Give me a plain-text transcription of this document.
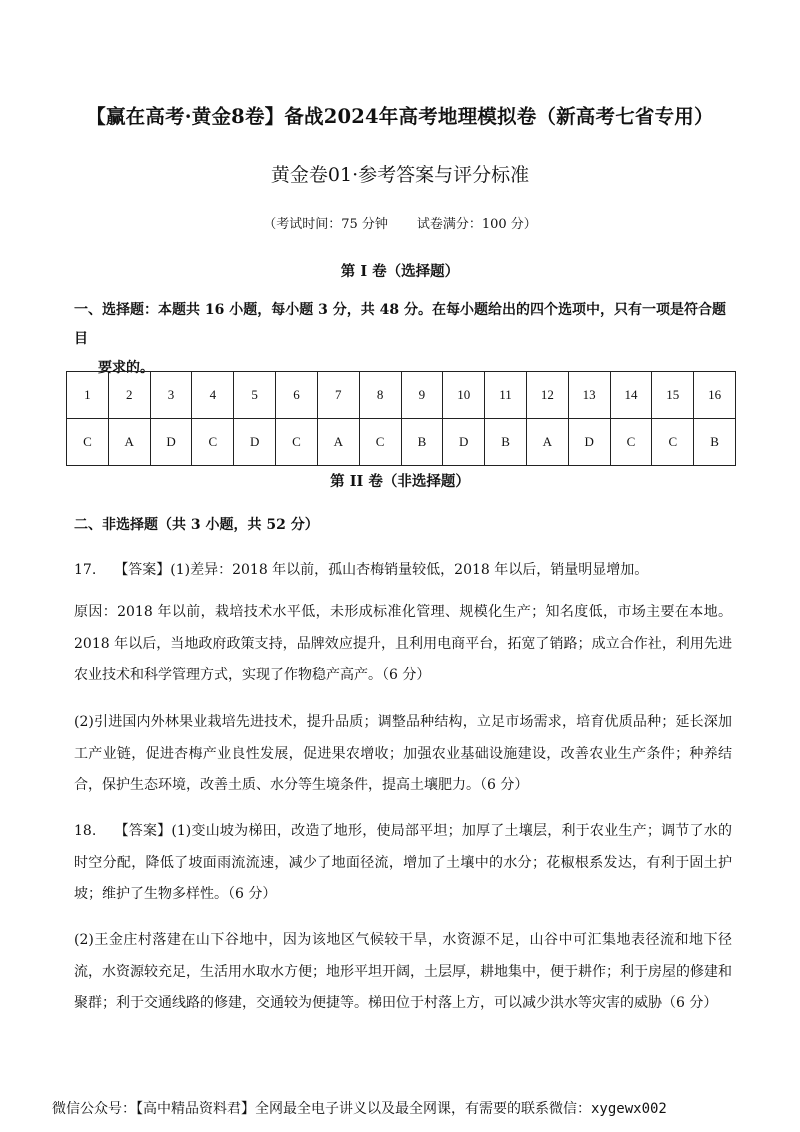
【赢在高考·黄金8卷】备战2024年高考地理模拟卷（新高考七省专用）
黄金卷01·参考答案与评分标准
（考试时间：75 分钟 试卷满分：100 分）
第 I 卷（选择题）
一、选择题：本题共 16 小题，每小题 3 分，共 48 分。在每小题给出的四个选项中，只有一项是符合题目
要求的。
1	2	3	4	5	6	7	8	9	10	11	12	13	14	15	16
C	A	D	C	D	C	A	C	B	D	B	A	D	C	C	B
第 II 卷（非选择题）
二、非选择题（共 3 小题，共 52 分）
17. 【答案】(1)差异：2018 年以前，孤山杏梅销量较低，2018 年以后，销量明显增加。
原因：2018 年以前，栽培技术水平低，未形成标准化管理、规模化生产；知名度低，市场主要在本地。2018 年以后，当地政府政策支持，品牌效应提升，且利用电商平台，拓宽了销路；成立合作社，利用先进农业技术和科学管理方式，实现了作物稳产高产。（6 分）
(2)引进国内外林果业栽培先进技术，提升品质；调整品种结构，立足市场需求，培育优质品种；延长深加工产业链，促进杏梅产业良性发展，促进果农增收；加强农业基础设施建设，改善农业生产条件；种养结合，保护生态环境，改善土质、水分等生境条件，提高土壤肥力。（6 分）
18. 【答案】(1)变山坡为梯田，改造了地形，使局部平坦；加厚了土壤层，利于农业生产；调节了水的时空分配，降低了坡面雨流流速，减少了地面径流，增加了土壤中的水分；花椒根系发达，有利于固土护坡；维护了生物多样性。（6 分）
(2)王金庄村落建在山下谷地中，因为该地区气候较干旱，水资源不足，山谷中可汇集地表径流和地下径流，水资源较充足，生活用水取水方便；地形平坦开阔，土层厚，耕地集中，便于耕作；利于房屋的修建和聚群；利于交通线路的修建，交通较为便捷等。梯田位于村落上方，可以减少洪水等灾害的威胁（6 分）
微信公众号：【高中精品资料君】全网最全电子讲义以及最全网课，有需要的联系微信：xygewx002
